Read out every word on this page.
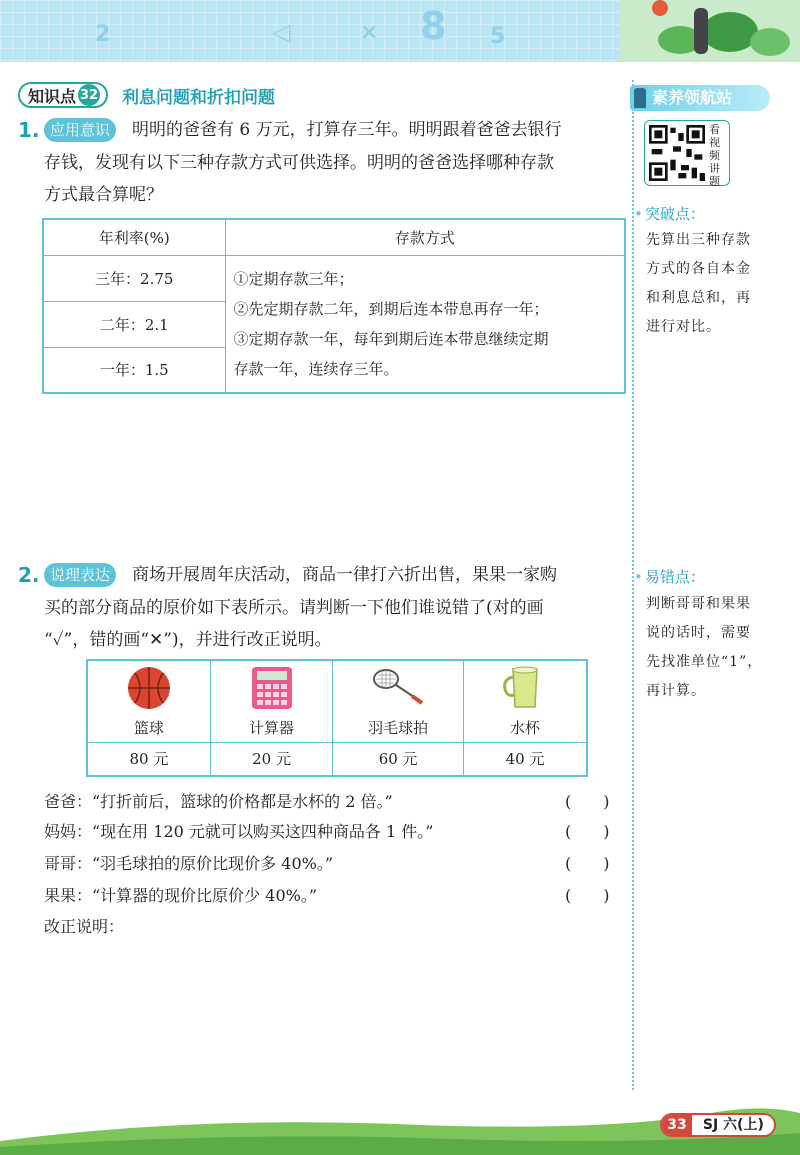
2	◁	× 8 5
知识点 32 利息问题和折扣问题	素养领航站
看视频讲题
• 突破点：
先算出三种存款
方式的各自本金
和利息总和，再
进行对比。
• 易错点：
判断哥哥和果果
说的话时，需要
先找准单位“1”，
再计算。
1. 应用意识	明明的爸爸有 6 万元，打算存三年。明明跟着爸爸去银行
存钱，发现有以下三种存款方式可供选择。明明的爸爸选择哪种存款
方式最合算呢？
年利率(%)	存款方式
三年：2.75	①定期存款三年；
②先定期存款二年，到期后连本带息再存一年；
③定期存款一年，每年到期后连本带息继续定期
存款一年，连续存三年。

二年：2.1	
一年：1.5	
2. 说理表达	商场开展周年庆活动，商品一律打六折出售，果果一家购
买的部分商品的原价如下表所示。请判断一下他们谁说错了(对的画
“✓”，错的画“✕”)，并进行改正说明。
篮球	计算器	羽毛球拍	水杯

80 元	20 元	60 元	40 元
爸爸：“打折前后，篮球的价格都是水杯的 2 倍。”	(　　)
妈妈：“现在用 120 元就可以购买这四种商品各 1 件。”	(　　)
哥哥：“羽毛球拍的原价比现价多 40%。”	(　　)
果果：“计算器的现价比原价少 40%。”	(　　)
改正说明：
33 SJ 六(上)
